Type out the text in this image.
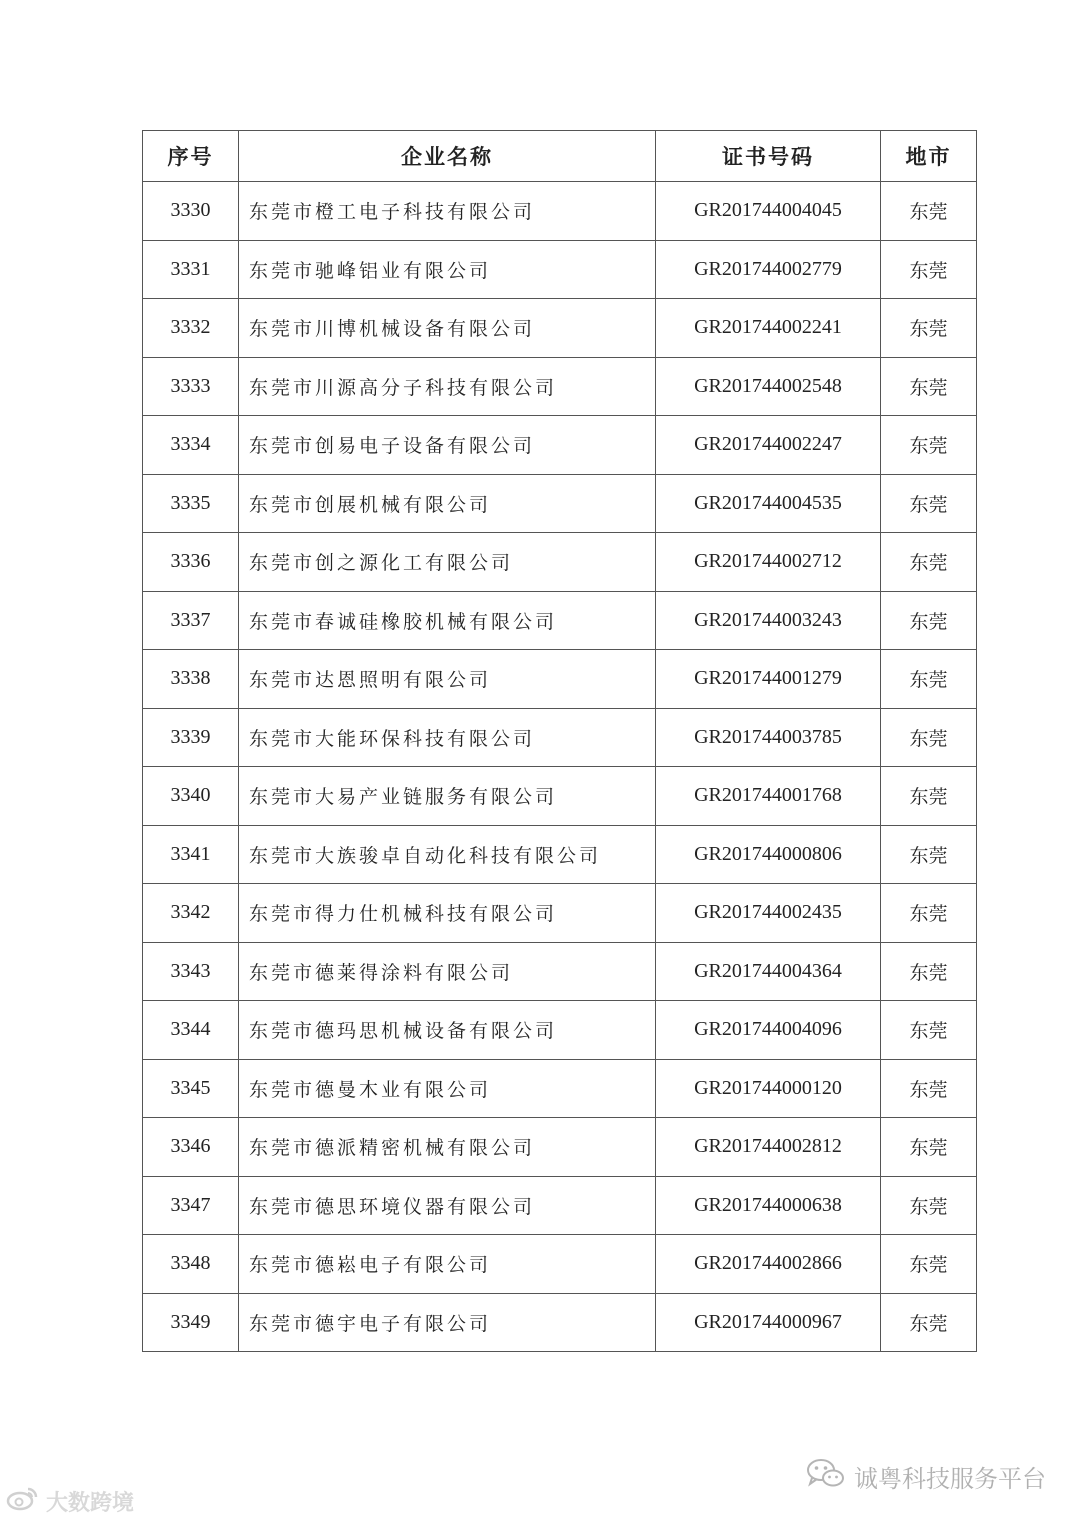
序号	企业名称	证书号码	地市
3330	东莞市橙工电子科技有限公司	GR201744004045	东莞
3331	东莞市驰峰铝业有限公司	GR201744002779	东莞
3332	东莞市川博机械设备有限公司	GR201744002241	东莞
3333	东莞市川源高分子科技有限公司	GR201744002548	东莞
3334	东莞市创易电子设备有限公司	GR201744002247	东莞
3335	东莞市创展机械有限公司	GR201744004535	东莞
3336	东莞市创之源化工有限公司	GR201744002712	东莞
3337	东莞市春诚硅橡胶机械有限公司	GR201744003243	东莞
3338	东莞市达恩照明有限公司	GR201744001279	东莞
3339	东莞市大能环保科技有限公司	GR201744003785	东莞
3340	东莞市大易产业链服务有限公司	GR201744001768	东莞
3341	东莞市大族骏卓自动化科技有限公司	GR201744000806	东莞
3342	东莞市得力仕机械科技有限公司	GR201744002435	东莞
3343	东莞市德莱得涂料有限公司	GR201744004364	东莞
3344	东莞市德玛思机械设备有限公司	GR201744004096	东莞
3345	东莞市德曼木业有限公司	GR201744000120	东莞
3346	东莞市德派精密机械有限公司	GR201744002812	东莞
3347	东莞市德思环境仪器有限公司	GR201744000638	东莞
3348	东莞市德崧电子有限公司	GR201744002866	东莞
3349	东莞市德宇电子有限公司	GR201744000967	东莞
大数跨境
诚粤科技服务平台
